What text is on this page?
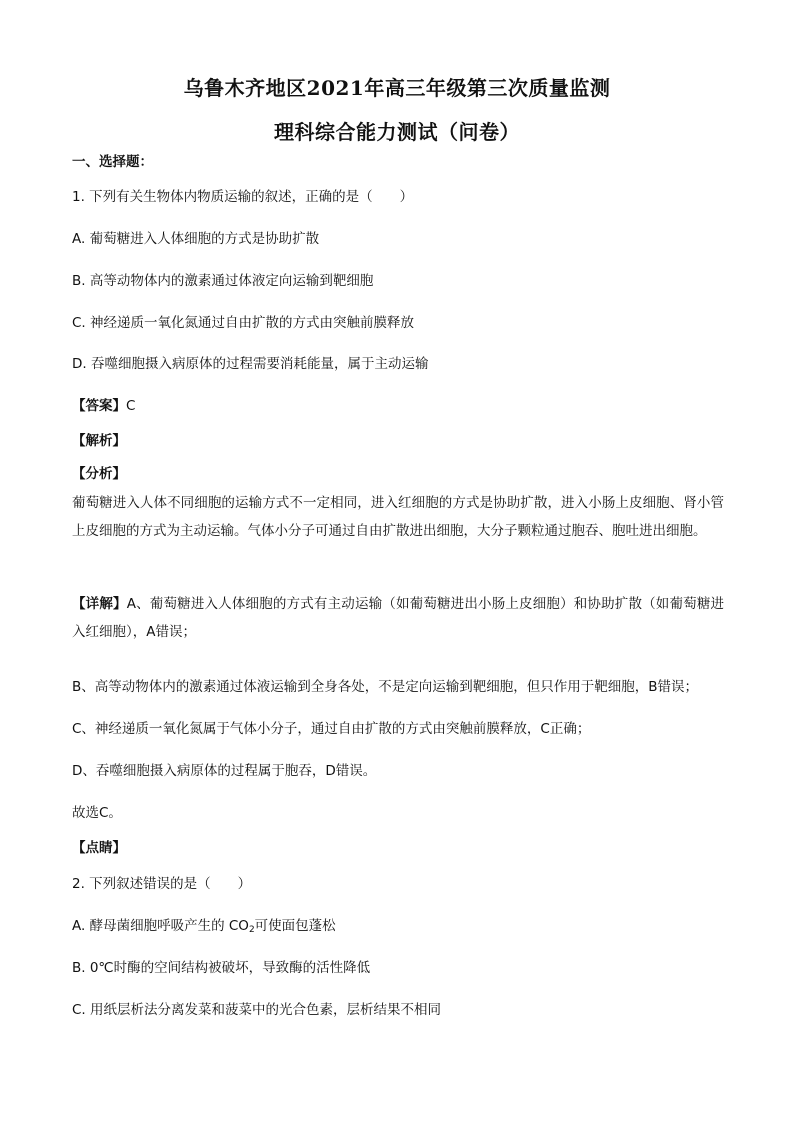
乌鲁木齐地区2021年高三年级第三次质量监测
理科综合能力测试（问卷）
一、选择题：
1. 下列有关生物体内物质运输的叙述，正确的是（　　）
A. 葡萄糖进入人体细胞的方式是协助扩散
B. 高等动物体内的激素通过体液定向运输到靶细胞
C. 神经递质一氧化氮通过自由扩散的方式由突触前膜释放
D. 吞噬细胞摄入病原体的过程需要消耗能量，属于主动运输
【答案】C
【解析】
【分析】
葡萄糖进入人体不同细胞的运输方式不一定相同，进入红细胞的方式是协助扩散，进入小肠上皮细胞、肾小管上皮细胞的方式为主动运输。气体小分子可通过自由扩散进出细胞，大分子颗粒通过胞吞、胞吐进出细胞。
【详解】A、葡萄糖进入人体细胞的方式有主动运输（如葡萄糖进出小肠上皮细胞）和协助扩散（如葡萄糖进入红细胞），A错误；
B、高等动物体内的激素通过体液运输到全身各处，不是定向运输到靶细胞，但只作用于靶细胞，B错误；
C、神经递质一氧化氮属于气体小分子，通过自由扩散的方式由突触前膜释放，C正确；
D、吞噬细胞摄入病原体的过程属于胞吞，D错误。
故选C。
【点睛】
2. 下列叙述错误的是（　　）
A. 酵母菌细胞呼吸产生的 $CO_2$可使面包蓬松
B. 0℃时酶的空间结构被破坏，导致酶的活性降低
C. 用纸层析法分离发菜和菠菜中的光合色素，层析结果不相同
